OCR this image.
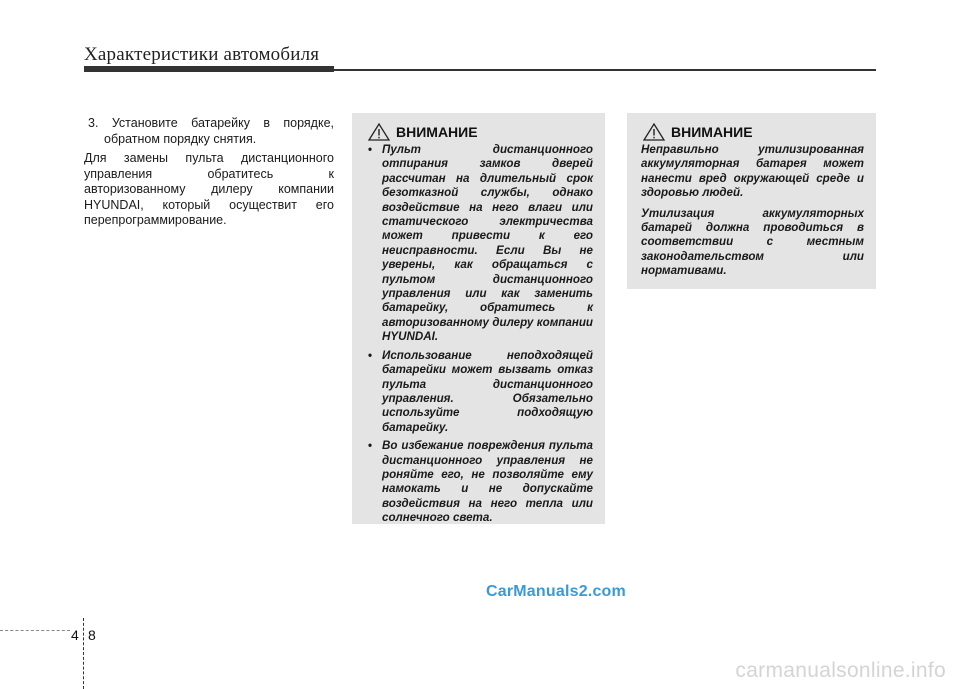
Характеристики автомобиля

3. Установите батарейку в порядке, обратном порядку снятия.

Для замены пульта дистанционного управления обратитесь к авторизованному дилеру компании HYUNDAI, который осуществит его перепрограммирование.

ВНИМАНИЕ
• Пульт дистанционного отпирания замков дверей рассчитан на длительный срок безотказной службы, однако воздействие на него влаги или статического электричества может привести к его неисправности. Если Вы не уверены, как обращаться с пультом дистанционного управления или как заменить батарейку, обратитесь к авторизованному дилеру компании HYUNDAI.
• Использование неподходящей батарейки может вызвать отказ пульта дистанционного управления. Обязательно используйте подходящую батарейку.
• Во избежание повреждения пульта дистанционного управления не роняйте его, не позволяйте ему намокать и не допускайте воздействия на него тепла или солнечного света.
ВНИМАНИЕ

Неправильно утилизированная аккумуляторная батарея может нанести вред окружающей среде и здоровью людей.

Утилизация аккумуляторных батарей должна проводиться в соответствии с местным законодательством или нормативами.

CarManuals2.com
4 8
carmanualsonline.info
